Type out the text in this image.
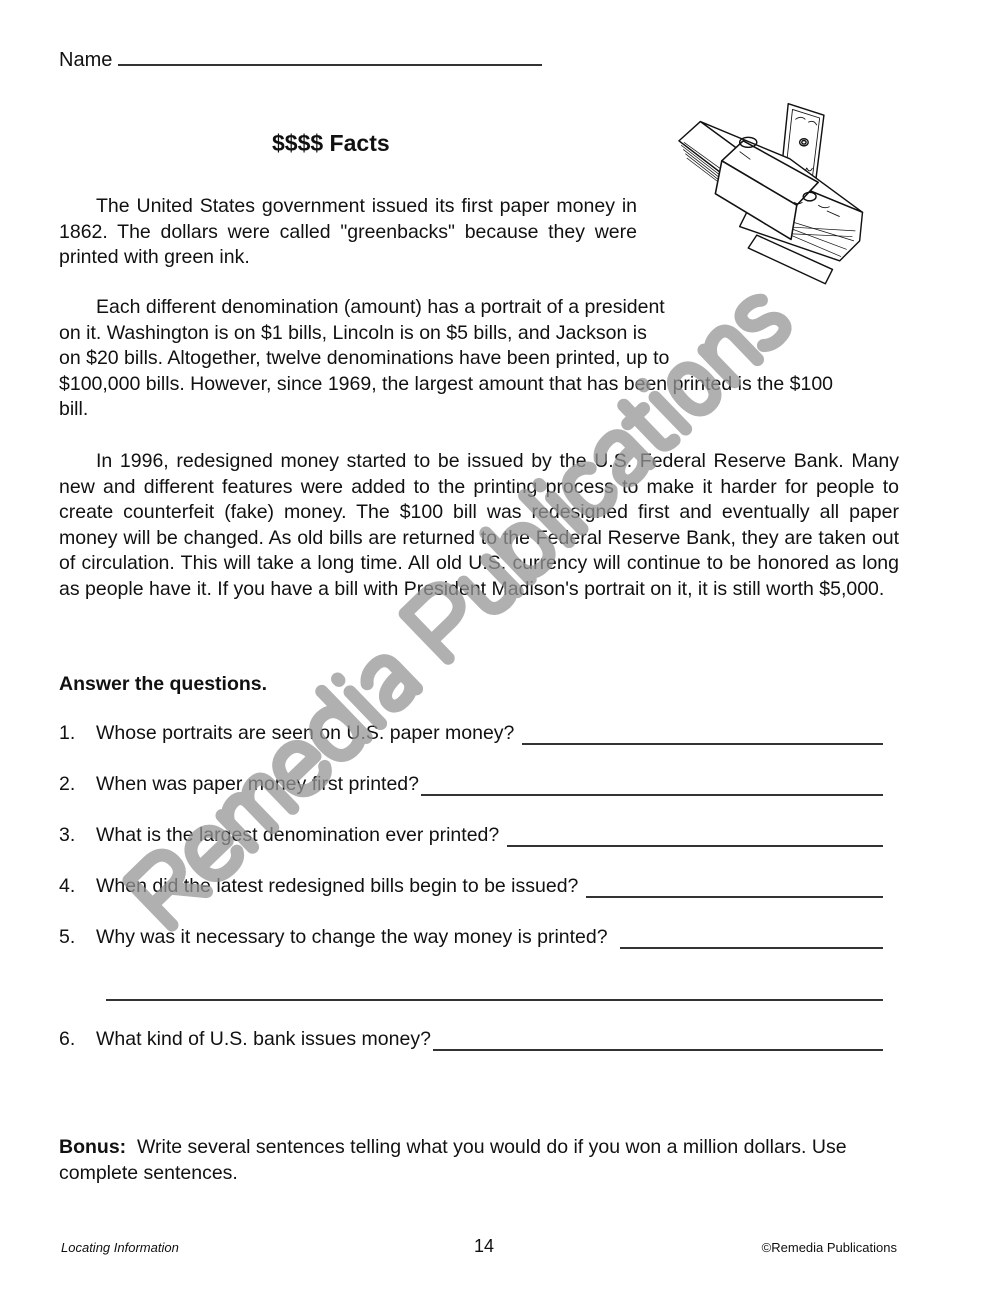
Name
$$$$ Facts
The United States government issued its first paper money in 1862. The dollars were called "greenbacks" because they were printed with green ink.
Each different denomination (amount) has a portrait of a president
on it. Washington is on $1 bills, Lincoln is on $5 bills, and Jackson is
on $20 bills. Altogether, twelve denominations have been printed, up to
$100,000 bills. However, since 1969, the largest amount that has been printed is the $100
bill.
In 1996, redesigned money started to be issued by the U.S. Federal Reserve Bank. Many new and different features were added to the printing process to make it harder for people to create counterfeit (fake) money. The $100 bill was redesigned first and eventually all paper money will be changed. As old bills are returned to the Federal Reserve Bank, they are taken out of circulation. This will take a long time. All old U.S. currency will continue to be honored as long as people have it. If you have a bill with President Madison's portrait on it, it is still worth $5,000.
Answer the questions.
1.	Whose portraits are seen on U.S. paper money?
2.	When was paper money first printed?
3.	What is the largest denomination ever printed?
4.	When did the latest redesigned bills begin to be issued?
5.	Why was it necessary to change the way money is printed?
6.	What kind of U.S. bank issues money?
Bonus: Write several sentences telling what you would do if you won a million dollars. Use complete sentences.
Locating Information	14	©Remedia Publications
